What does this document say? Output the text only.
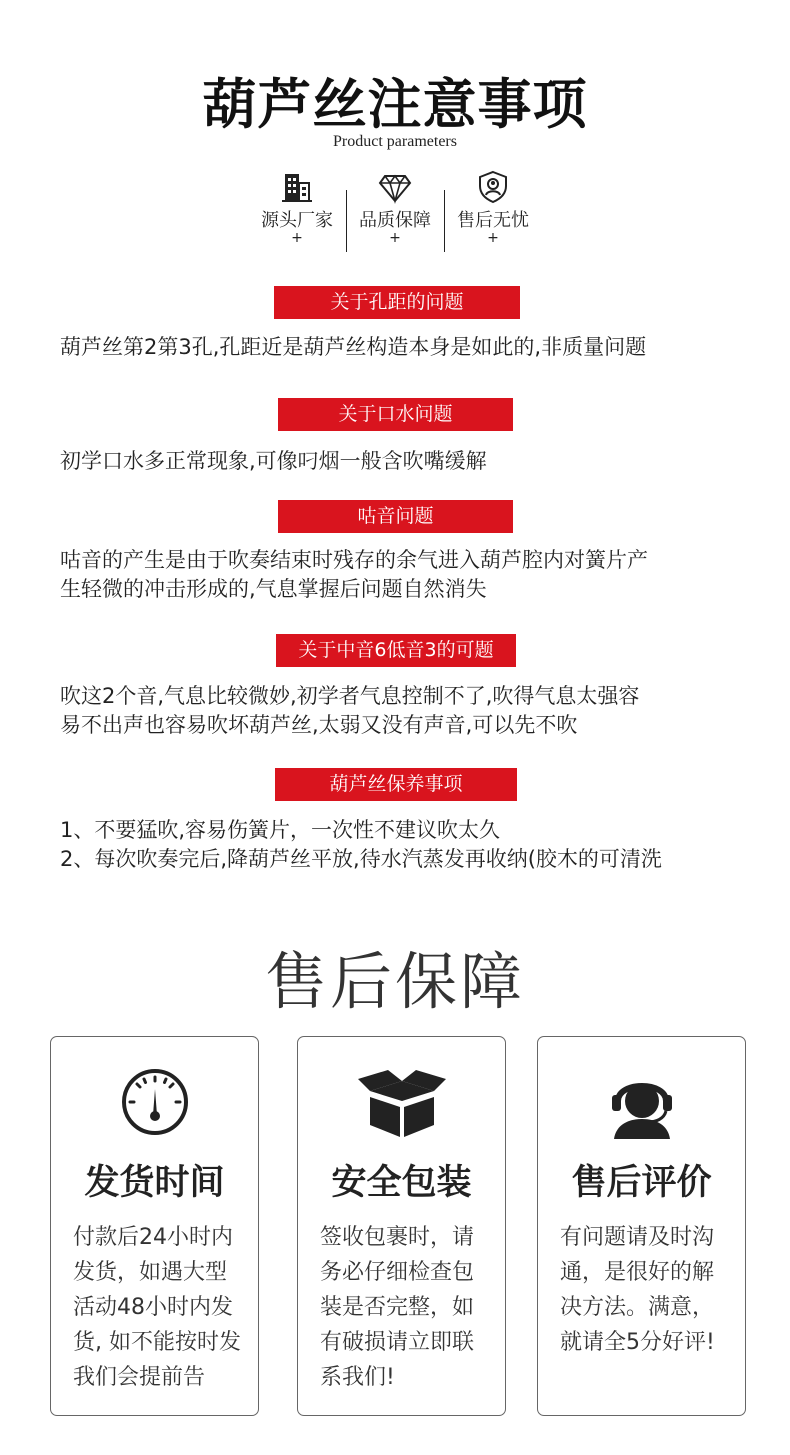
葫芦丝注意事项
Product parameters
源头厂家
+
品质保障
+
售后无忧
+
关于孔距的问题
葫芦丝第2第3孔,孔距近是葫芦丝构造本身是如此的,非质量问题
关于口水问题
初学口水多正常现象,可像叼烟一般含吹嘴缓解
咕音问题
咕音的产生是由于吹奏结束时残存的余气进入葫芦腔内对簧片产
生轻微的冲击形成的,气息掌握后问题自然消失
关于中音6低音3的可题
吹这2个音,气息比较微妙,初学者气息控制不了,吹得气息太强容
易不出声也容易吹坏葫芦丝,太弱又没有声音,可以先不吹
葫芦丝保养事项
1、不要猛吹,容易伤簧片，一次性不建议吹太久
2、每次吹奏完后,降葫芦丝平放,待水汽蒸发再收纳(胶木的可清洗
售后保障
发货时间
付款后24小时内
发货，如遇大型
活动48小时内发
货, 如不能按时发
我们会提前告
安全包装
签收包裹时，请
务必仔细检查包
装是否完整，如
有破损请立即联
系我们!
售后评价
有问题请及时沟
通，是很好的解
决方法。满意，
就请全5分好评!
